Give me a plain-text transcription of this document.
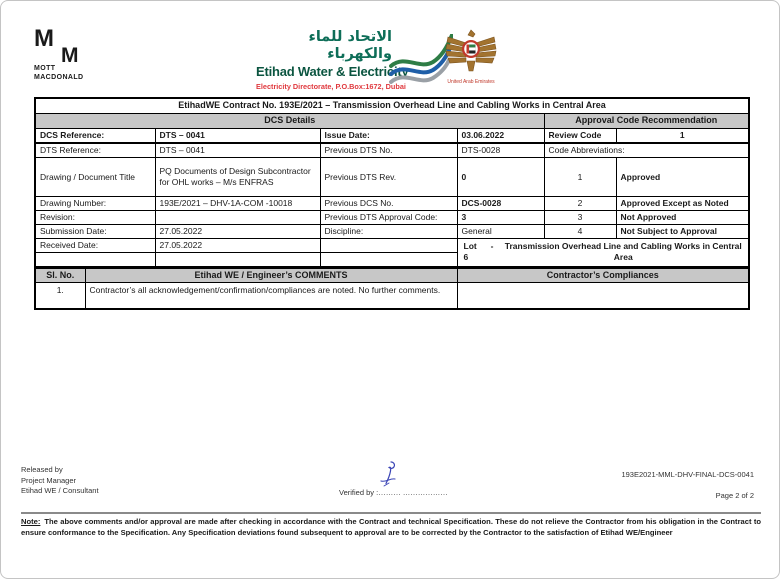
M
M
MOTT
MACDONALD
الاتحاد للماء والكهرباء
Etihad Water & Electricity
Electricity Directorate, P.O.Box:1672, Dubai	United Arab Emirates
EtihadWE Contract No. 193E/2021 – Transmission Overhead Line and Cabling Works in Central Area					
DCS Details				Approval Code Recommendation	
DCS Reference:	DTS – 0041	Issue Date:	03.06.2022	Review Code	1
DTS Reference:	DTS – 0041	Previous DTS No.	DTS-0028	Code Abbreviations:	
Drawing / Document Title	PQ Documents of Design Subcontractor for OHL works – M/s ENFRAS	Previous DTS Rev.	0	1	Approved
Drawing Number:	193E/2021 – DHV-1A-COM -10018	Previous DCS No.	DCS-0028	2	Approved Except as Noted
Revision:		Previous DTS Approval Code:	3	3	Not Approved
Submission Date:	27.05.2022	Discipline:	General	4	Not Subject to Approval
Received Date:	27.05.2022		Lot 6
- Transmission Overhead Line and Cabling Works in Central Area		

Sl. No.	Etihad WE / Engineer’s COMMENTS	Contractor’s Compliances
1.	Contractor’s all acknowledgement/confirmation/compliances are noted. No further comments.	
Released by
Project Manager
Etihad WE / Consultant	Verified by :……… ………………
193E2021-MML-DHV-FINAL-DCS-0041
Page 2 of 2
Note: The above comments and/or approval are made after checking in accordance with the Contract and technical Specification. These do not relieve the Contractor from his obligation in the Contract to ensure conformance to the Specification. Any Specification deviations found subsequent to approval are to be corrected by the Contractor to the satisfaction of Etihad WE/Engineer
